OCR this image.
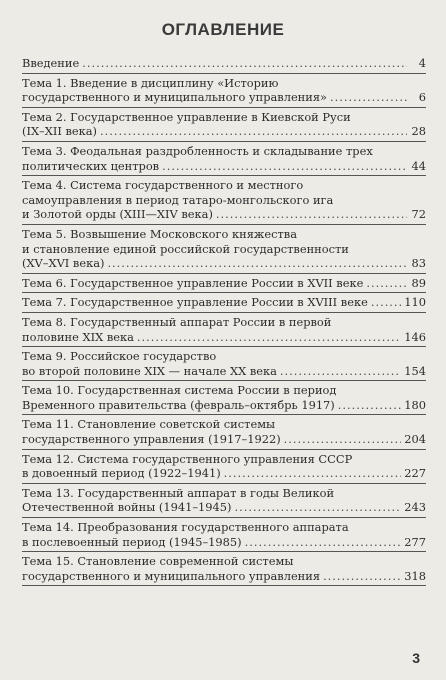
ОГЛАВЛЕНИЕ
Введение .....	4
Тема 1. Введение в дисциплину «Историю
государственного и муниципального управления» .....	6
Тема 2. Государственное управление в Киевской Руси
(IX–XII века) .....	28
Тема 3. Феодальная раздробленность и складывание трех
политических центров .....	44
Тема 4. Система государственного и местного
самоуправления в период татаро-монгольского ига
и Золотой орды (XIII—XIV века) .....	72
Тема 5. Возвышение Московского княжества
и становление единой российской государственности
(XV–XVI века) .....	83
Тема 6. Государственное управление России в XVII веке .....	89
Тема 7. Государственное управление России в XVIII веке .....	110
Тема 8. Государственный аппарат России в первой
половине XIX века .....	146
Тема 9. Российское государство
во второй половине XIX — начале XX века .....	154
Тема 10. Государственная система России в период
Временного правительства (февраль–октябрь 1917) .....	180
Тема 11. Становление советской системы
государственного управления (1917–1922) .....	204
Тема 12. Система государственного управления СССР
в довоенный период (1922–1941) .....	227
Тема 13. Государственный аппарат в годы Великой
Отечественной войны (1941–1945) .....	243
Тема 14. Преобразования государственного аппарата
в послевоенный период (1945–1985) .....	277
Тема 15. Становление современной системы
государственного и муниципального управления .....	318
3
